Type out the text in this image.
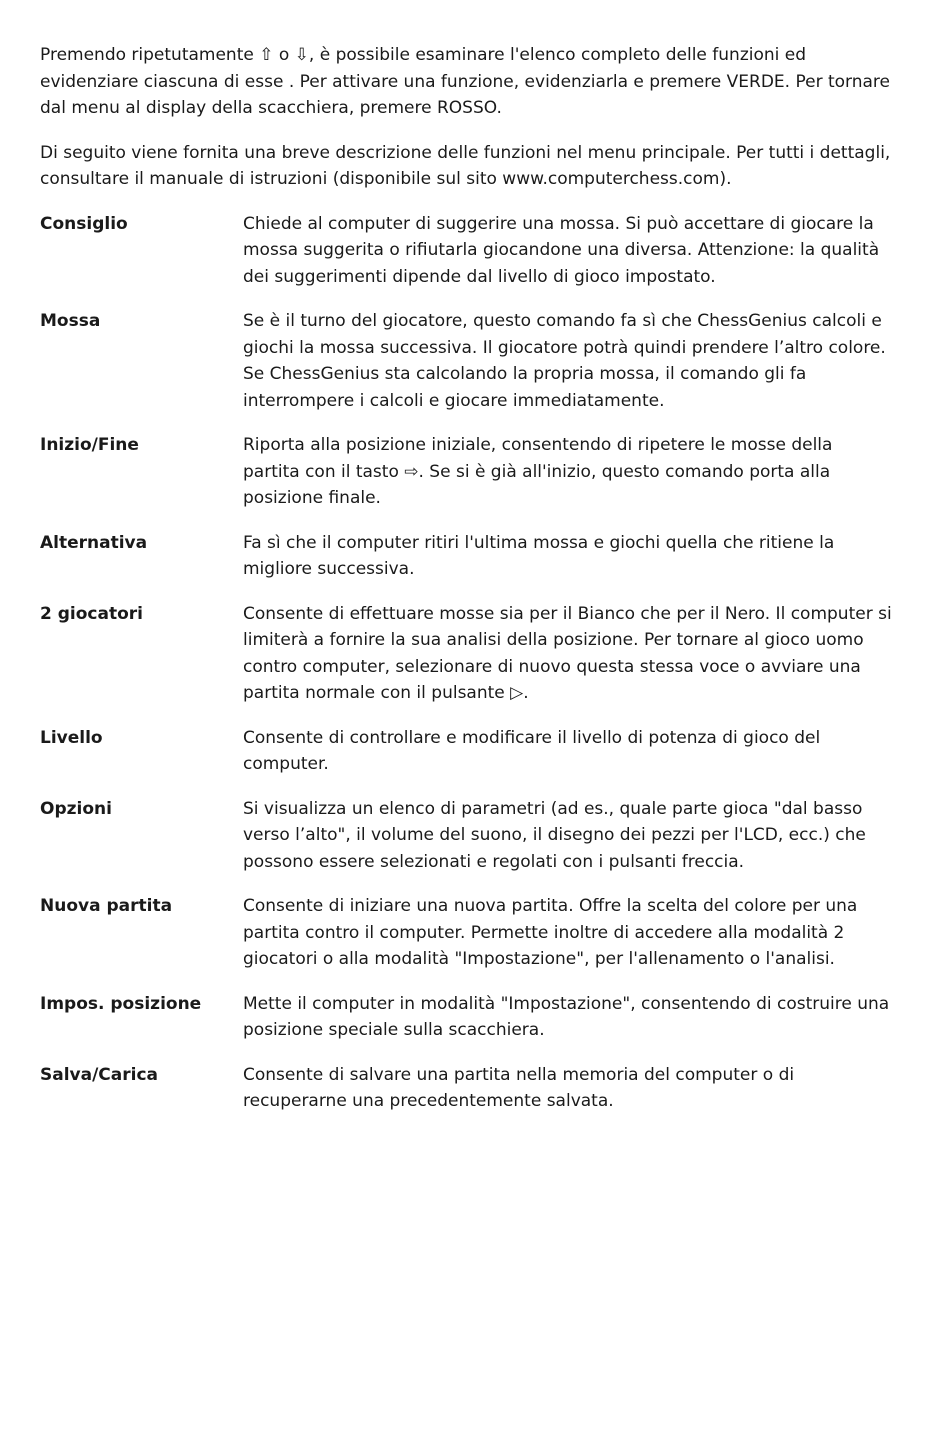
Premendo ripetutamente ⇧ o ⇩, è possibile esaminare l'elenco completo delle funzioni ed evidenziare ciascuna di esse . Per attivare una funzione, evidenziarla e premere VERDE. Per tornare dal menu al display della scacchiera, premere ROSSO.

Di seguito viene fornita una breve descrizione delle funzioni nel menu principale. Per tutti i dettagli, consultare il manuale di istruzioni (disponibile sul sito www.computerchess.com).

Consiglio	Chiede al computer di suggerire una mossa. Si può accettare di giocare la mossa suggerita o rifiutarla giocandone una diversa. Attenzione: la qualità dei suggerimenti dipende dal livello di gioco impostato.

Mossa	Se è il turno del giocatore, questo comando fa sì che ChessGenius calcoli e giochi la mossa successiva. Il giocatore potrà quindi prendere l’altro colore. Se ChessGenius sta calcolando la propria mossa, il comando gli fa interrompere i calcoli e giocare immediatamente.

Inizio/Fine	Riporta alla posizione iniziale, consentendo di ripetere le mosse della partita con il tasto ⇨. Se si è già all'inizio, questo comando porta alla posizione finale.

Alternativa	Fa sì che il computer ritiri l'ultima mossa e giochi quella che ritiene la migliore successiva.

2 giocatori	Consente di effettuare mosse sia per il Bianco che per il Nero. Il computer si limiterà a fornire la sua analisi della posizione. Per tornare al gioco uomo contro computer, selezionare di nuovo questa stessa voce o avviare una partita normale con il pulsante ▷.

Livello	Consente di controllare e modificare il livello di potenza di gioco del computer.

Opzioni	Si visualizza un elenco di parametri (ad es., quale parte gioca "dal basso verso l’alto", il volume del suono, il disegno dei pezzi per l'LCD, ecc.) che possono essere selezionati e regolati con i pulsanti freccia.

Nuova partita	Consente di iniziare una nuova partita. Offre la scelta del colore per una partita contro il computer. Permette inoltre di accedere alla modalità 2 giocatori o alla modalità "Impostazione", per l'allenamento o l'analisi.

Impos. posizione	Mette il computer in modalità "Impostazione", consentendo di costruire una posizione speciale sulla scacchiera.

Salva/Carica	Consente di salvare una partita nella memoria del computer o di recuperarne una precedentemente salvata.
